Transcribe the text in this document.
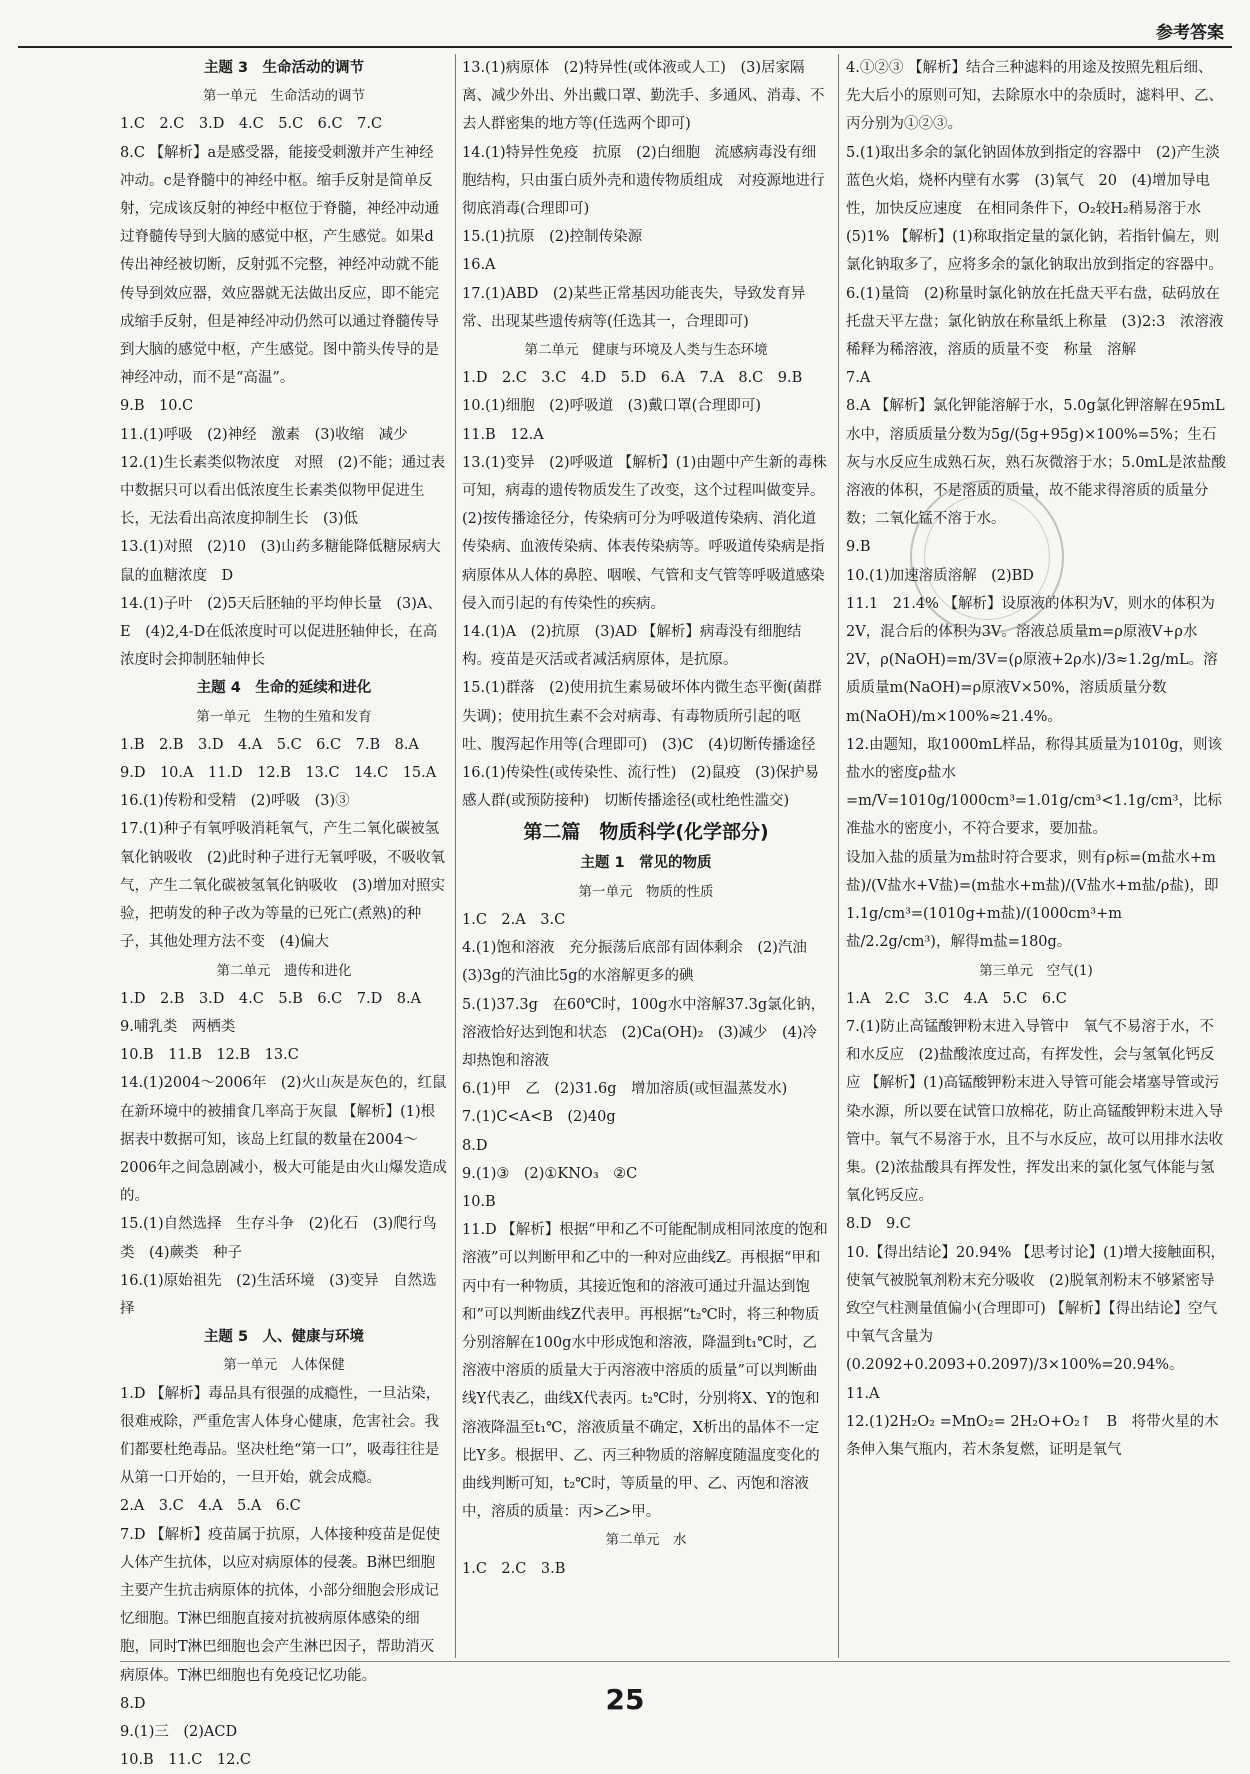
参考答案

主题 3　生命活动的调节

第一单元　生命活动的调节

1.C　2.C　3.D　4.C　5.C　6.C　7.C

8.C 【解析】a是感受器，能接受刺激并产生神经冲动。c是脊髓中的神经中枢。缩手反射是简单反射，完成该反射的神经中枢位于脊髓，神经冲动通过脊髓传导到大脑的感觉中枢，产生感觉。如果d传出神经被切断，反射弧不完整，神经冲动就不能传导到效应器，效应器就无法做出反应，即不能完成缩手反射，但是神经冲动仍然可以通过脊髓传导到大脑的感觉中枢，产生感觉。图中箭头传导的是神经冲动，而不是“高温”。

9.B　10.C

11.(1)呼吸　(2)神经　激素　(3)收缩　减少

12.(1)生长素类似物浓度　对照　(2)不能；通过表中数据只可以看出低浓度生长素类似物甲促进生长，无法看出高浓度抑制生长　(3)低

13.(1)对照　(2)10　(3)山药多糖能降低糖尿病大鼠的血糖浓度　D

14.(1)子叶　(2)5天后胚轴的平均伸长量　(3)A、E　(4)2,4-D在低浓度时可以促进胚轴伸长，在高浓度时会抑制胚轴伸长

主题 4　生命的延续和进化

第一单元　生物的生殖和发育

1.B　2.B　3.D　4.A　5.C　6.C　7.B　8.A

9.D　10.A　11.D　12.B　13.C　14.C　15.A

16.(1)传粉和受精　(2)呼吸　(3)③

17.(1)种子有氧呼吸消耗氧气，产生二氧化碳被氢氧化钠吸收　(2)此时种子进行无氧呼吸，不吸收氧气，产生二氧化碳被氢氧化钠吸收　(3)增加对照实验，把萌发的种子改为等量的已死亡(煮熟)的种子，其他处理方法不变　(4)偏大

第二单元　遗传和进化

1.D　2.B　3.D　4.C　5.B　6.C　7.D　8.A

9.哺乳类　两栖类

10.B　11.B　12.B　13.C

14.(1)2004～2006年　(2)火山灰是灰色的，红鼠在新环境中的被捕食几率高于灰鼠 【解析】(1)根据表中数据可知，该岛上红鼠的数量在2004～2006年之间急剧减小，极大可能是由火山爆发造成的。

15.(1)自然选择　生存斗争　(2)化石　(3)爬行鸟类　(4)蕨类　种子

16.(1)原始祖先　(2)生活环境　(3)变异　自然选择

主题 5　人、健康与环境

第一单元　人体保健

1.D 【解析】毒品具有很强的成瘾性，一旦沾染，很难戒除，严重危害人体身心健康，危害社会。我们都要杜绝毒品。坚决杜绝“第一口”，吸毒往往是从第一口开始的，一旦开始，就会成瘾。

2.A　3.C　4.A　5.A　6.C

7.D 【解析】疫苗属于抗原，人体接种疫苗是促使人体产生抗体，以应对病原体的侵袭。B淋巴细胞主要产生抗击病原体的抗体，小部分细胞会形成记忆细胞。T淋巴细胞直接对抗被病原体感染的细胞，同时T淋巴细胞也会产生淋巴因子，帮助消灭病原体。T淋巴细胞也有免疫记忆功能。

8.D

9.(1)三　(2)ACD

10.B　11.C　12.C

13.(1)病原体　(2)特异性(或体液或人工)　(3)居家隔离、减少外出、外出戴口罩、勤洗手、多通风、消毒、不去人群密集的地方等(任选两个即可)

14.(1)特异性免疫　抗原　(2)白细胞　流感病毒没有细胞结构，只由蛋白质外壳和遗传物质组成　对疫源地进行彻底消毒(合理即可)

15.(1)抗原　(2)控制传染源

16.A

17.(1)ABD　(2)某些正常基因功能丧失，导致发育异常、出现某些遗传病等(任选其一，合理即可)

第二单元　健康与环境及人类与生态环境

1.D　2.C　3.C　4.D　5.D　6.A　7.A　8.C　9.B

10.(1)细胞　(2)呼吸道　(3)戴口罩(合理即可)

11.B　12.A

13.(1)变异　(2)呼吸道 【解析】(1)由题中产生新的毒株可知，病毒的遗传物质发生了改变，这个过程叫做变异。(2)按传播途径分，传染病可分为呼吸道传染病、消化道传染病、血液传染病、体表传染病等。呼吸道传染病是指病原体从人体的鼻腔、咽喉、气管和支气管等呼吸道感染侵入而引起的有传染性的疾病。

14.(1)A　(2)抗原　(3)AD 【解析】病毒没有细胞结构。疫苗是灭活或者减活病原体，是抗原。

15.(1)群落　(2)使用抗生素易破坏体内微生态平衡(菌群失调)；使用抗生素不会对病毒、有毒物质所引起的呕吐、腹泻起作用等(合理即可)　(3)C　(4)切断传播途径

16.(1)传染性(或传染性、流行性)　(2)鼠疫　(3)保护易感人群(或预防接种)　切断传播途径(或杜绝性滥交)

第二篇　物质科学(化学部分)

主题 1　常见的物质

第一单元　物质的性质

1.C　2.A　3.C

4.(1)饱和溶液　充分振荡后底部有固体剩余　(2)汽油　(3)3g的汽油比5g的水溶解更多的碘

5.(1)37.3g　在60℃时，100g水中溶解37.3g氯化钠，溶液恰好达到饱和状态　(2)Ca(OH)₂　(3)减少　(4)冷却热饱和溶液

6.(1)甲　乙　(2)31.6g　增加溶质(或恒温蒸发水)

7.(1)C<A<B　(2)40g

8.D

9.(1)③　(2)①KNO₃　②C

10.B

11.D 【解析】根据“甲和乙不可能配制成相同浓度的饱和溶液”可以判断甲和乙中的一种对应曲线Z。再根据“甲和丙中有一种物质，其接近饱和的溶液可通过升温达到饱和”可以判断曲线Z代表甲。再根据“t₂℃时，将三种物质分别溶解在100g水中形成饱和溶液，降温到t₁℃时，乙溶液中溶质的质量大于丙溶液中溶质的质量”可以判断曲线Y代表乙，曲线X代表丙。t₂℃时，分别将X、Y的饱和溶液降温至t₁℃，溶液质量不确定，X析出的晶体不一定比Y多。根据甲、乙、丙三种物质的溶解度随温度变化的曲线判断可知，t₂℃时，等质量的甲、乙、丙饱和溶液中，溶质的质量：丙>乙>甲。

第二单元　水

1.C　2.C　3.B

4.①②③ 【解析】结合三种滤料的用途及按照先粗后细、先大后小的原则可知，去除原水中的杂质时，滤料甲、乙、丙分别为①②③。

5.(1)取出多余的氯化钠固体放到指定的容器中　(2)产生淡蓝色火焰，烧杯内壁有水雾　(3)氧气　20　(4)增加导电性，加快反应速度　在相同条件下，O₂较H₂稍易溶于水　(5)1% 【解析】(1)称取指定量的氯化钠，若指针偏左，则氯化钠取多了，应将多余的氯化钠取出放到指定的容器中。

6.(1)量筒　(2)称量时氯化钠放在托盘天平右盘，砝码放在托盘天平左盘；氯化钠放在称量纸上称量　(3)2:3　浓溶液稀释为稀溶液，溶质的质量不变　称量　溶解

7.A

8.A 【解析】氯化钾能溶解于水，5.0g氯化钾溶解在95mL水中，溶质质量分数为5g/(5g+95g)×100%=5%；生石灰与水反应生成熟石灰，熟石灰微溶于水；5.0mL是浓盐酸溶液的体积，不是溶质的质量，故不能求得溶质的质量分数；二氧化锰不溶于水。

9.B

10.(1)加速溶质溶解　(2)BD

11.1　21.4% 【解析】设原液的体积为V，则水的体积为2V，混合后的体积为3V。溶液总质量m=ρ原液V+ρ水2V，ρ(NaOH)=m/3V=(ρ原液+2ρ水)/3≈1.2g/mL。溶质质量m(NaOH)=ρ原液V×50%，溶质质量分数m(NaOH)/m×100%≈21.4%。

12.由题知，取1000mL样品，称得其质量为1010g，则该盐水的密度ρ盐水=m/V=1010g/1000cm³=1.01g/cm³<1.1g/cm³，比标准盐水的密度小，不符合要求，要加盐。

设加入盐的质量为m盐时符合要求，则有ρ标=(m盐水+m盐)/(V盐水+V盐)=(m盐水+m盐)/(V盐水+m盐/ρ盐)，即1.1g/cm³=(1010g+m盐)/(1000cm³+m盐/2.2g/cm³)，解得m盐=180g。

第三单元　空气(1)

1.A　2.C　3.C　4.A　5.C　6.C

7.(1)防止高锰酸钾粉末进入导管中　氧气不易溶于水，不和水反应　(2)盐酸浓度过高，有挥发性，会与氢氧化钙反应 【解析】(1)高锰酸钾粉末进入导管可能会堵塞导管或污染水源，所以要在试管口放棉花，防止高锰酸钾粉末进入导管中。氧气不易溶于水，且不与水反应，故可以用排水法收集。(2)浓盐酸具有挥发性，挥发出来的氯化氢气体能与氢氧化钙反应。

8.D　9.C

10.【得出结论】20.94% 【思考讨论】(1)增大接触面积，使氧气被脱氧剂粉末充分吸收　(2)脱氧剂粉末不够紧密导致空气柱测量值偏小(合理即可) 【解析】【得出结论】空气中氧气含量为(0.2092+0.2093+0.2097)/3×100%=20.94%。

11.A

12.(1)2H₂O₂ =MnO₂= 2H₂O+O₂↑　B　将带火星的木条伸入集气瓶内，若木条复燃，证明是氧气

25
